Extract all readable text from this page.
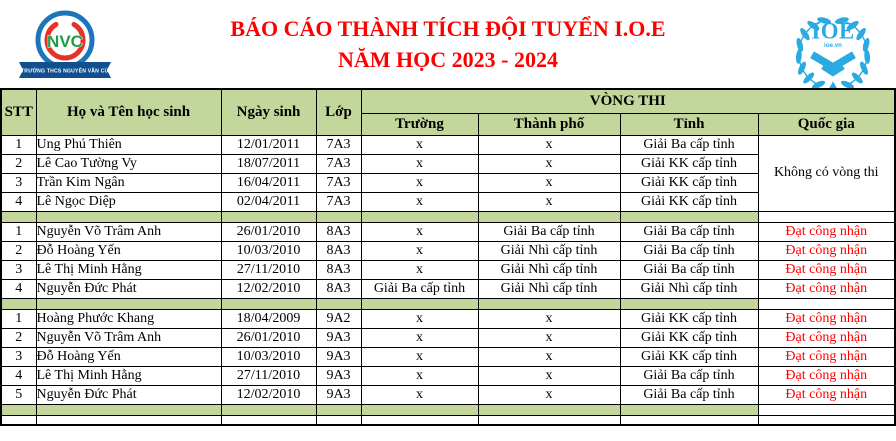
NVC
TRƯỜNG THCS NGUYỄN VĂN CỪ
BÁO CÁO THÀNH TÍCH ĐỘI TUYỂN I.O.E
NĂM HỌC 2023 - 2024
IOE
ioe.vn
STT	Họ và Tên học sinh	Ngày sinh	Lớp	VÒNG THI			
				Trường	Thành phố	Tỉnh	Quốc gia
1	Ung Phú Thiên	12/01/2011	7A3	x	x	Giải Ba cấp tỉnh	Không có vòng thi
2	Lê Cao Tường Vy	18/07/2011	7A3	x	x	Giải KK cấp tỉnh	
3	Trần Kim Ngân	16/04/2011	7A3	x	x	Giải KK cấp tỉnh	
4	Lê Ngọc Diệp	02/04/2011	7A3	x	x	Giải KK cấp tỉnh	

1	Nguyễn Võ Trâm Anh	26/01/2010	8A3	x	Giải Ba cấp tỉnh	Giải Ba cấp tỉnh	Đạt công nhận
2	Đỗ Hoàng Yến	10/03/2010	8A3	x	Giải Nhì cấp tỉnh	Giải Ba cấp tỉnh	Đạt công nhận
3	Lê Thị Minh Hằng	27/11/2010	8A3	x	Giải Nhì cấp tỉnh	Giải Ba cấp tỉnh	Đạt công nhận
4	Nguyễn Đức Phát	12/02/2010	8A3	Giải Ba cấp tỉnh	Giải Nhì cấp tỉnh	Giải Nhì cấp tỉnh	Đạt công nhận

1	Hoàng Phước Khang	18/04/2009	9A2	x	x	Giải KK cấp tỉnh	Đạt công nhận
2	Nguyễn Võ Trâm Anh	26/01/2010	9A3	x	x	Giải KK cấp tỉnh	Đạt công nhận
3	Đỗ Hoàng Yến	10/03/2010	9A3	x	x	Giải KK cấp tỉnh	Đạt công nhận
4	Lê Thị Minh Hằng	27/11/2010	9A3	x	x	Giải Ba cấp tỉnh	Đạt công nhận
5	Nguyễn Đức Phát	12/02/2010	9A3	x	x	Giải Ba cấp tỉnh	Đạt công nhận
